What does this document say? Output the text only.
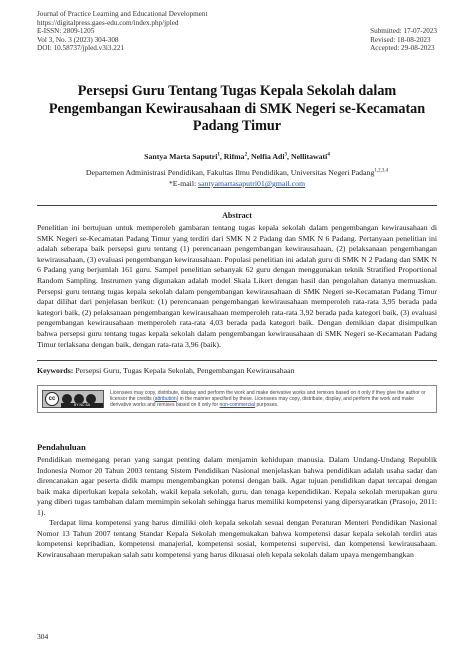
Journal of Practice Learning and Educational Development
https://digitalpress.gaes-edu.com/index.php/jpled
E-ISSN: 2809-1205
Vol 3, No. 3 (2023) 304-308
DOI: 10.58737/jpled.v3i3.221
Submitted: 17-07-2023
Revised: 18-08-2023
Accepted: 29-08-2023
Persepsi Guru Tentang Tugas Kepala Sekolah dalam
Pengembangan Kewirausahaan di SMK Negeri se-Kecamatan
Padang Timur
Santya Marta Saputri$^1$, Rifma$^2$, Nelfia Adi$^3$, Nellitawati$^4$
Departemen Administrasi Pendidikan, Fakultas Ilmu Pendidikan, Universitas Negeri Padang$^{1,2,3,4}$
*E-mail: santyamartasaputri01@gmail.com
Abstract
Penelitian ini bertujuan untuk memperoleh gambaran tentang tugas kepala sekolah dalam pengembangan kewirausahaan di SMK Negeri se-Kecamatan Padang Timur yang terdiri dari SMK N 2 Padang dan SMK N 6 Padang. Pertanyaan penelitian ini adalah seberapa baik persepsi guru tentang (1) perencanaan pengembangan kewirausahaan, (2) pelaksanaan pengembangan kewirausahaan, (3) evaluasi pengembangan kewirausahaan. Populasi penelitian ini adalah guru di SMK N 2 Padang dan SMK N 6 Padang yang berjumlah 161 guru. Sampel penelitian sebanyak 62 guru dengan menggunakan teknik Stratified Proportional Random Sampling. Instrumen yang digunakan adalah model Skala Likert dengan hasil dan pengolahan datanya memuaskan. Persepsi guru tentang tugas kepala sekolah dalam pengembangan kewirausahaan di SMK Negeri se-Kecamatan Padang Timur dapat dilihat dari penjelasan berikut: (1) perencanaan pengembangan kewirausahaan memperoleh rata-rata 3,95 berada pada kategori baik, (2) pelaksanaan pengembangan kewirausahaan memperoleh rata-rata 3,92 berada pada kategori baik, (3) evaluasi pengembangan kewirausahaan memperoleh rata-rata 4,03 berada pada kategori baik. Dengan demikian dapat disimpulkan bahwa persepsi guru tentang tugas kepala sekolah dalam pengembangan kewirausahaan di SMK Negeri se-Kecamatan Padang Timur terlaksana dengan baik, dengan rata-rata 3,96 (baik).
Keywords: Persepsi Guru, Tugas Kepala Sekolah, Pengembangan Kewirausahaan
cc
BY NC SA
Licensees may copy, distribute, display and perform the work and make derivative works and remixes based on it only if they give the author or licensor the credits (attribution) in the manner specified by these. Licensees may copy, distribute, display, and perform the work and make derivative works and remixes based on it only for non-commercial purposes.
Pendahuluan

Pendidikan memegang peran yang sangat penting dalam menjamin kehidupan manusia. Dalam Undang-Undang Republik Indonesia Nomor 20 Tahun 2003 tentang Sistem Pendidikan Nasional menjelaskan bahwa pendidikan adalah usaha sadar dan direncanakan agar peserta didik mampu mengembangkan potensi dengan baik. Agar tujuan pendidikan dapat tercapai dengan baik maka diperlukan kepala sekolah, wakil kepala sekolah, guru, dan tenaga kependidikan. Kepala sekolah merupakan guru yang diberi tugas tambahan dalam memimpin sekolah sehingga harus memiliki kompetensi yang dipersyaratkan (Prasojo, 2011: 1).

Terdapat lima kompetensi yang harus dimiliki oleh kepala sekolah sesuai dengan Peraturan Menteri Pendidikan Nasional Nomor 13 Tahun 2007 tentang Standar Kepala Sekolah mengemukakan bahwa kompetensi dasar kepala sekolah terdiri atas kompetensi kepribadian, kompetensi manajerial, kompetensi sosial, kompetensi supervisi, dan kompetensi kewirausahaan. Kewirausahaan merupakan salah satu kompetensi yang harus dikuasai oleh kepala sekolah dalam upaya mengembangkan

304
